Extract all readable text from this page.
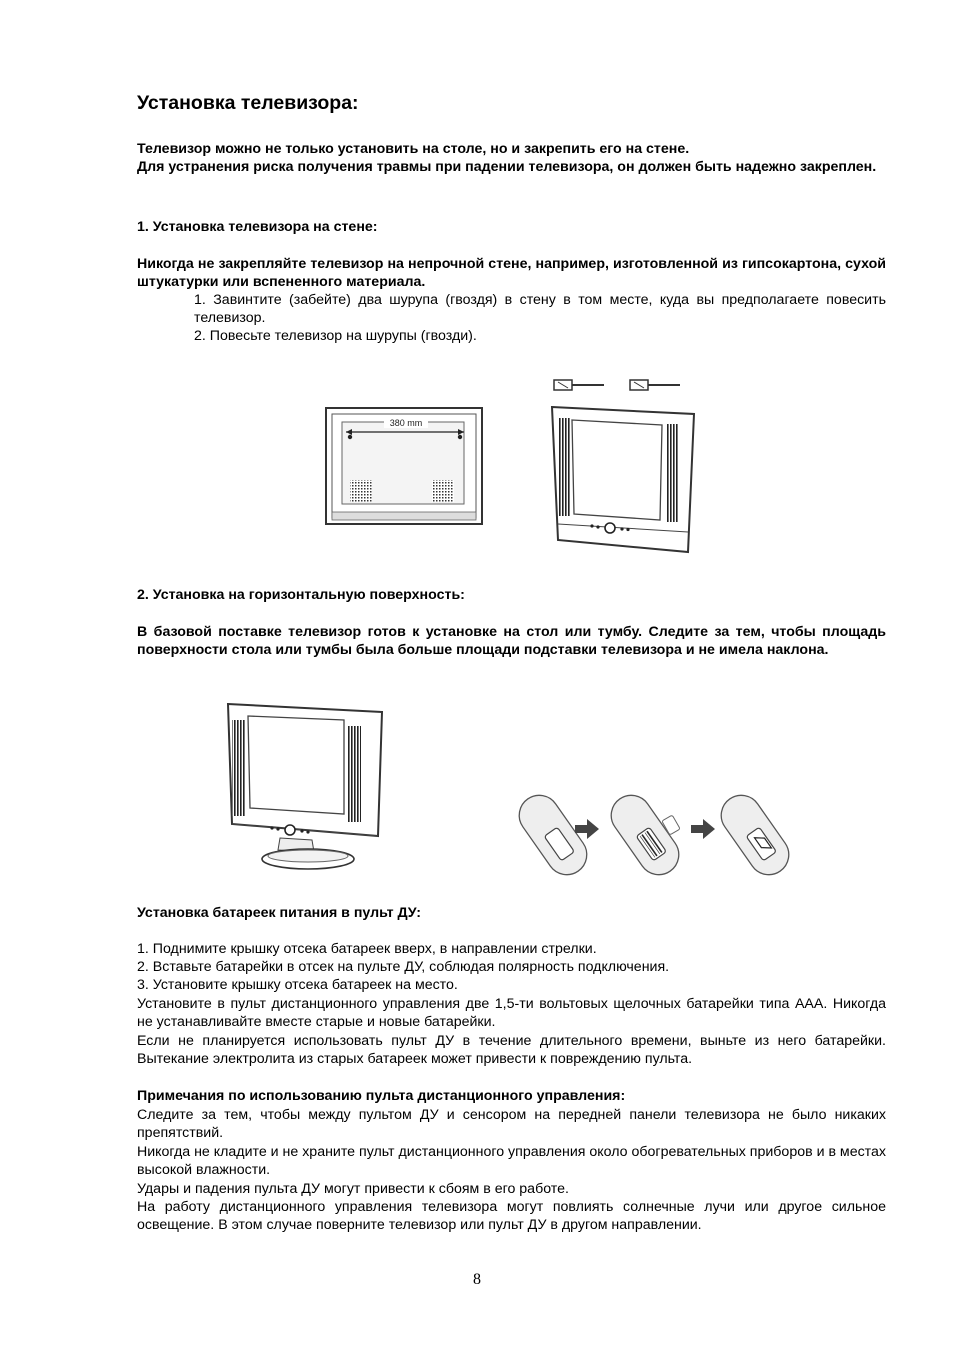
Установка телевизора:
Телевизор можно не только установить на столе, но и закрепить его на стене.
Для устранения риска получения травмы при падении телевизора, он должен быть надежно закреплен.
1. Установка телевизора на стене:
Никогда не закрепляйте телевизор на непрочной стене, например, изготовленной из гипсокартона, сухой штукатурки или вспененного материала.
1. Завинтите (забейте) два шурупа (гвоздя) в стену в том месте, куда вы предполагаете повесить телевизор.
2. Повесьте телевизор на шурупы (гвозди).
380 mm
2. Установка на горизонтальную поверхность:
В базовой поставке телевизор готов к установке на стол или тумбу. Следите за тем, чтобы площадь поверхности стола или тумбы была больше площади подставки телевизора и не имела наклона.
Установка батареек питания в пульт ДУ:
1. Поднимите крышку отсека батареек вверх, в направлении стрелки.
2. Вставьте батарейки в отсек на пульте ДУ, соблюдая полярность подключения.
3. Установите крышку отсека батареек на место.
Установите в пульт дистанционного управления две 1,5-ти вольтовых щелочных батарейки типа ААА. Никогда не устанавливайте вместе старые и новые батарейки.
Если не планируется использовать пульт ДУ в течение длительного времени, выньте из него батарейки. Вытекание электролита из старых батареек может привести к повреждению пульта.
Примечания по использованию пульта дистанционного управления:
Следите за тем, чтобы между пультом ДУ и сенсором на передней панели телевизора не было никаких препятствий.
Никогда не кладите и не храните пульт дистанционного управления около обогревательных приборов и в местах высокой влажности.
Удары и падения пульта ДУ могут привести к сбоям в его работе.
На работу дистанционного управления телевизора могут повлиять солнечные лучи или другое сильное освещение. В этом случае поверните телевизор или пульт ДУ в другом направлении.
8
